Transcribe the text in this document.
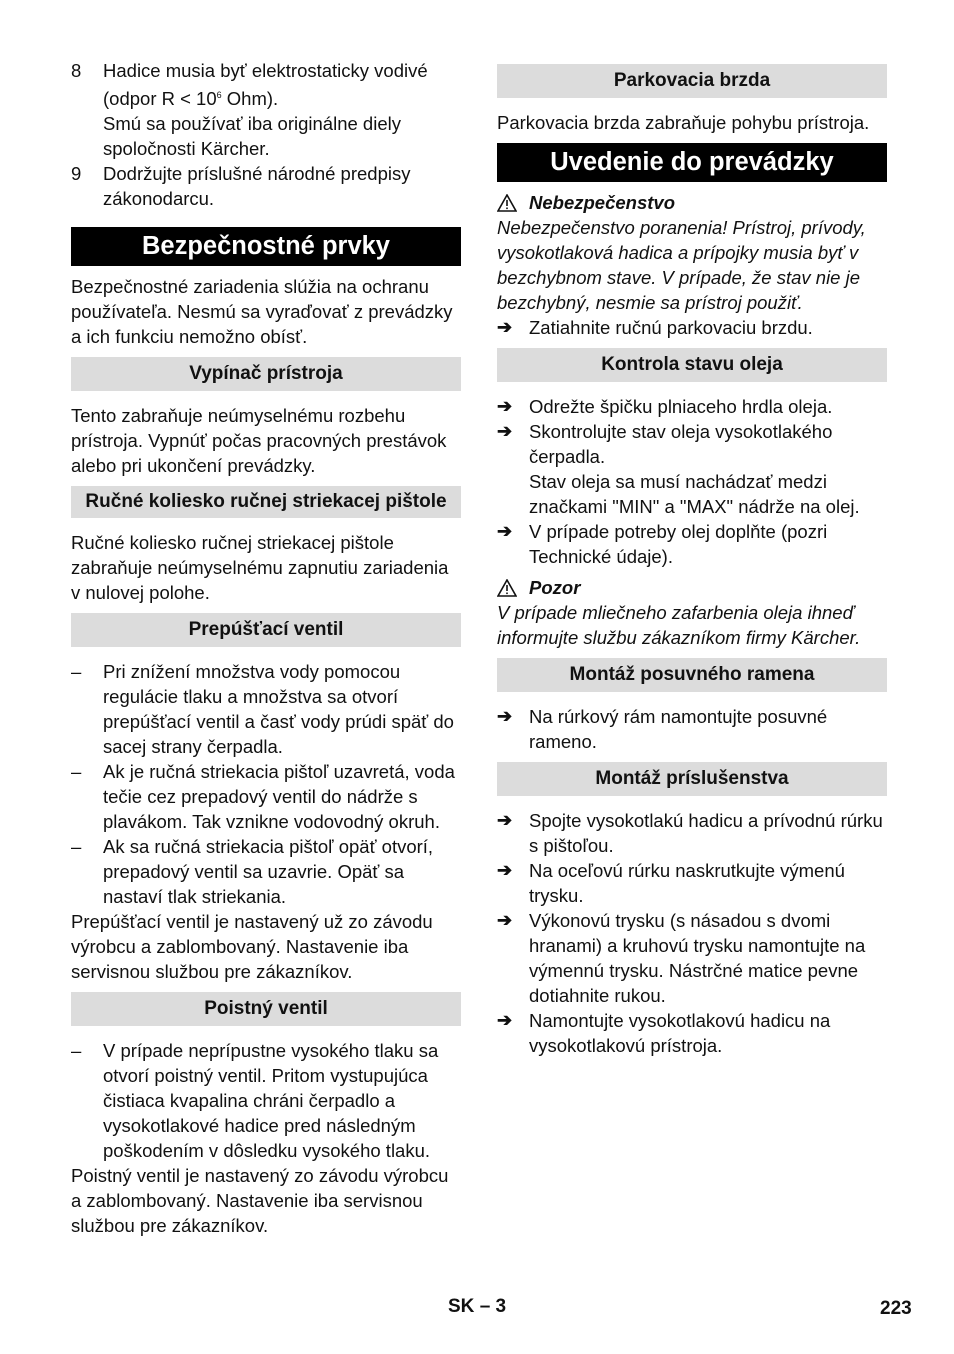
8	Hadice musia byť elektrostaticky vodivé (odpor $R < 10^6$ Ohm).

Smú sa používať iba originálne diely spoločnosti Kärcher.

9	Dodržujte príslušné národné predpisy zákonodarcu.

Bezpečnostné prvky

Bezpečnostné zariadenia slúžia na ochranu používateľa. Nesmú sa vyraďovať z prevádzky a ich funkciu nemožno obísť.

Vypínač prístroja

Tento zabraňuje neúmyselnému rozbehu prístroja. Vypnúť počas pracovných prestávok alebo pri ukončení prevádzky.

Ručné koliesko ručnej striekacej pištole

Ručné koliesko ručnej striekacej pištole zabraňuje neúmyselnému zapnutiu zariadenia v nulovej polohe.

Prepúšťací ventil
–	Pri znížení množstva vody pomocou regulácie tlaku a množstva sa otvorí prepúšťací ventil a časť vody prúdi späť do sacej strany čerpadla.

–	Ak je ručná striekacia pištoľ uzavretá, voda tečie cez prepadový ventil do nádrže s plavákom. Tak vznikne vodovodný okruh.

–	Ak sa ručná striekacia pištoľ opäť otvorí, prepadový ventil sa uzavrie. Opäť sa nastaví tlak striekania.

Prepúšťací ventil je nastavený už zo závodu výrobcu a zablombovaný. Nastavenie iba servisnou službou pre zákazníkov.

Poistný ventil
–	V prípade neprípustne vysokého tlaku sa otvorí poistný ventil. Pritom vystupujúca čistiaca kvapalina chráni čerpadlo a vysokotlakové hadice pred následným poškodením v dôsledku vysokého tlaku.

Poistný ventil je nastavený zo závodu výrobcu a zablombovaný. Nastavenie iba servisnou službou pre zákazníkov.

Parkovacia brzda

Parkovacia brzda zabraňuje pohybu prístroja.

Uvedenie do prevádzky
Nebezpečenstvo

Nebezpečenstvo poranenia! Prístroj, prívody, vysokotlaková hadica a prípojky musia byť v bezchybnom stave. V prípade, že stav nie je bezchybný, nesmie sa prístroj použiť.

➔ Zatiahnite ručnú parkovaciu brzdu.

Kontrola stavu oleja
➔ Odrežte špičku plniaceho hrdla oleja.

➔ Skontrolujte stav oleja vysokotlakého čerpadla.

Stav oleja sa musí nachádzať medzi značkami "MIN" a "MAX" nádrže na olej.

➔ V prípade potreby olej doplňte (pozri Technické údaje).

Pozor

V prípade mliečneho zafarbenia oleja ihneď informujte službu zákazníkom firmy Kärcher.

Montáž posuvného ramena
➔ Na rúrkový rám namontujte posuvné rameno.

Montáž príslušenstva
➔ Spojte vysokotlakú hadicu a prívodnú rúrku s pištoľou.

➔ Na oceľovú rúrku naskrutkujte výmenú trysku.

➔ Výkonovú trysku (s násadou s dvomi hranami) a kruhovú trysku namontujte na výmennú trysku. Nástrčné matice pevne dotiahnite rukou.

➔ Namontujte vysokotlakovú hadicu na vysokotlakovú prístroja.

SK – 3	223
